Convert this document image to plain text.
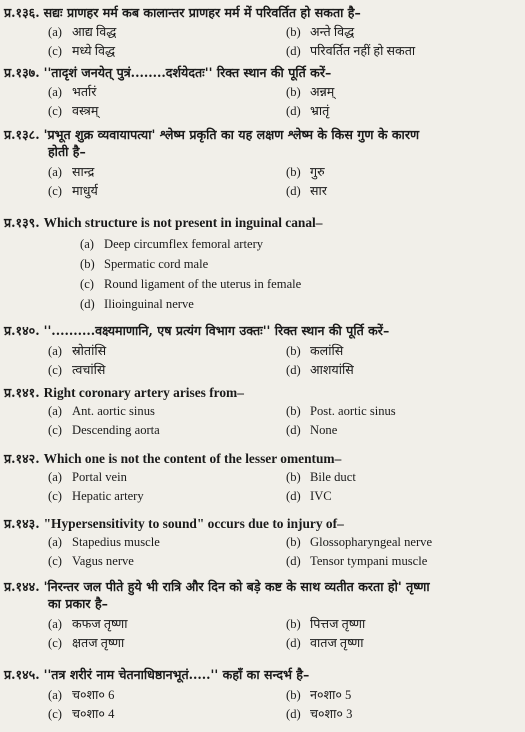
प्र.१३६. सद्यः प्राणहर मर्म कब कालान्तर प्राणहर मर्म में परिवर्तित हो सकता है–
(a) आद्य विद्ध	(b) अन्ते विद्ध
(c) मध्ये विद्ध	(d) परिवर्तित नहीं हो सकता
प्र.१३७. ''तादृशं जनयेत् पुत्रं........दर्शयेदतः'' रिक्त स्थान की पूर्ति करें–
(a) भर्तारं	(b) अन्नम्
(c) वस्त्रम्	(d) भ्रातृं
प्र.१३८. 'प्रभूत शुक्र व्यवायापत्या' श्लेष्म प्रकृति का यह लक्षण श्लेष्म के किस गुण के कारण
होती है–
(a) सान्द्र	(b) गुरु
(c) माधुर्य	(d) सार
प्र.१३९. Which structure is not present in inguinal canal–
(a) Deep circumflex femoral artery
(b) Spermatic cord male
(c) Round ligament of the uterus in female
(d) Ilioinguinal nerve
प्र.१४०. ''..........वक्ष्यमाणानि, एष प्रत्यंग विभाग उक्तः'' रिक्त स्थान की पूर्ति करें–
(a) स्रोतांसि	(b) कलांसि
(c) त्वचांसि	(d) आशयांसि
प्र.१४१. Right coronary artery arises from–
(a) Ant. aortic sinus	(b) Post. aortic sinus
(c) Descending aorta	(d) None
प्र.१४२. Which one is not the content of the lesser omentum–
(a) Portal vein	(b) Bile duct
(c) Hepatic artery	(d) IVC
प्र.१४३. "Hypersensitivity to sound" occurs due to injury of–
(a) Stapedius muscle	(b) Glossopharyngeal nerve
(c) Vagus nerve	(d) Tensor tympani muscle
प्र.१४४. 'निरन्तर जल पीते हुये भी रात्रि और दिन को बड़े कष्ट के साथ व्यतीत करता हो' तृष्णा
का प्रकार है–
(a) कफज तृष्णा	(b) पित्तज तृष्णा
(c) क्षतज तृष्णा	(d) वातज तृष्णा
प्र.१४५. ''तत्र शरीरं नाम चेतनाधिष्ठानभूतं.....'' कहाँ का सन्दर्भ है–
(a) च०शा० 6	(b) न०शा० 5
(c) च०शा० 4	(d) च०शा० 3
